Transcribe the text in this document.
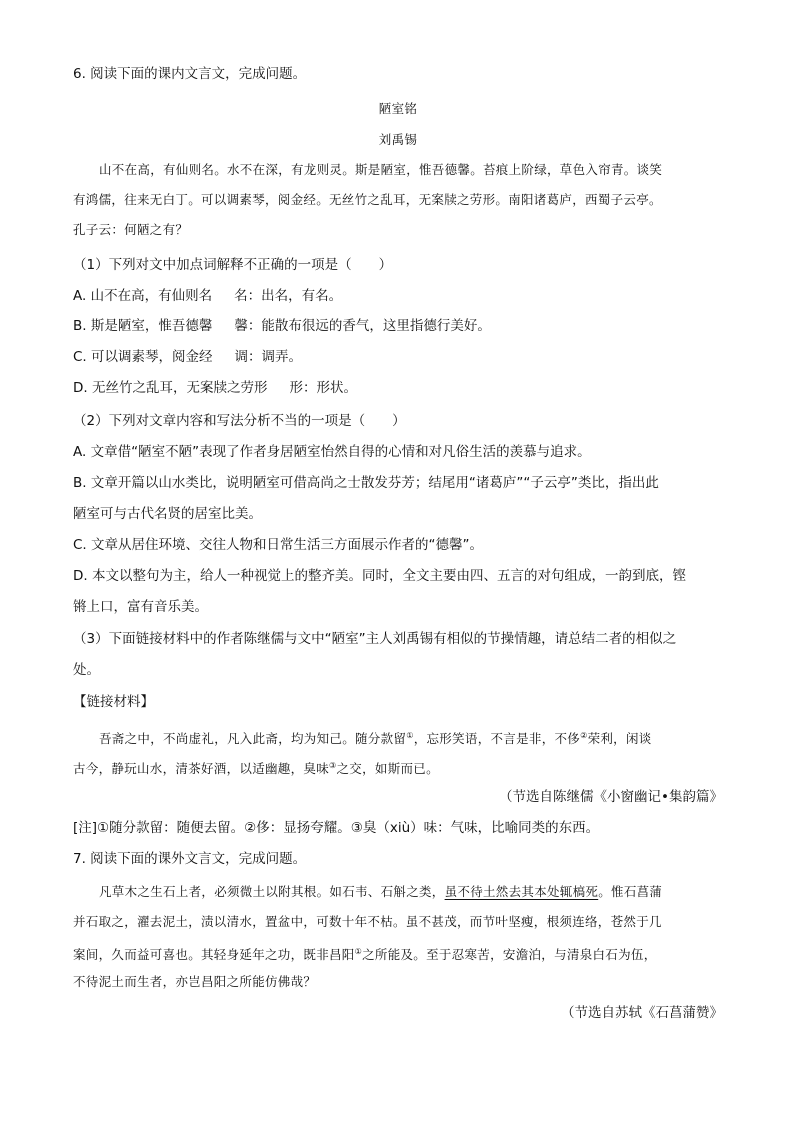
6. 阅读下面的课内文言文，完成问题。
陋室铭
刘禹锡
山不在高，有仙则名。水不在深，有龙则灵。斯是陋室，惟吾德馨。苔痕上阶绿，草色入帘青。谈笑
有鸿儒，往来无白丁。可以调素琴，阅金经。无丝竹之乱耳，无案牍之劳形。南阳诸葛庐，西蜀子云亭。
孔子云：何陋之有？
（1）下列对文中加点词解释不正确的一项是（　　）
A. 山不在高，有仙则名 名：出名，有名。
B. 斯是陋室，惟吾德馨 馨：能散布很远的香气，这里指德行美好。
C. 可以调素琴，阅金经 调：调弄。
D. 无丝竹之乱耳，无案牍之劳形 形：形状。
（2）下列对文章内容和写法分析不当的一项是（　　）
A. 文章借“陋室不陋”表现了作者身居陋室怡然自得的心情和对凡俗生活的羡慕与追求。
B. 文章开篇以山水类比，说明陋室可借高尚之士散发芬芳；结尾用“诸葛庐”“子云亭”类比，指出此
陋室可与古代名贤的居室比美。
C. 文章从居住环境、交往人物和日常生活三方面展示作者的“德馨”。
D. 本文以整句为主，给人一种视觉上的整齐美。同时，全文主要由四、五言的对句组成，一韵到底，铿
锵上口，富有音乐美。
（3）下面链接材料中的作者陈继儒与文中“陋室”主人刘禹锡有相似的节操情趣，请总结二者的相似之
处。
【链接材料】
吾斋之中，不尚虚礼，凡入此斋，均为知己。随分款留①，忘形笑语，不言是非，不侈②荣利，闲谈
古今，静玩山水，清茶好酒，以适幽趣，臭味③之交，如斯而已。
（节选自陈继儒《小窗幽记•集韵篇》
[注]①随分款留：随便去留。②侈：显扬夸耀。③臭（xiù）味：气味，比喻同类的东西。
7. 阅读下面的课外文言文，完成问题。
凡草木之生石上者，必须微土以附其根。如石韦、石斛之类，虽不待土然去其本处辄槁死。惟石菖蒲
并石取之，濯去泥土，渍以清水，置盆中，可数十年不枯。虽不甚茂，而节叶坚瘦，根须连络，苍然于几
案间，久而益可喜也。其轻身延年之功，既非昌阳①之所能及。至于忍寒苦，安澹泊，与清泉白石为伍，
不待泥土而生者，亦岂昌阳之所能仿佛哉？
（节选自苏轼《石菖蒲赞》
